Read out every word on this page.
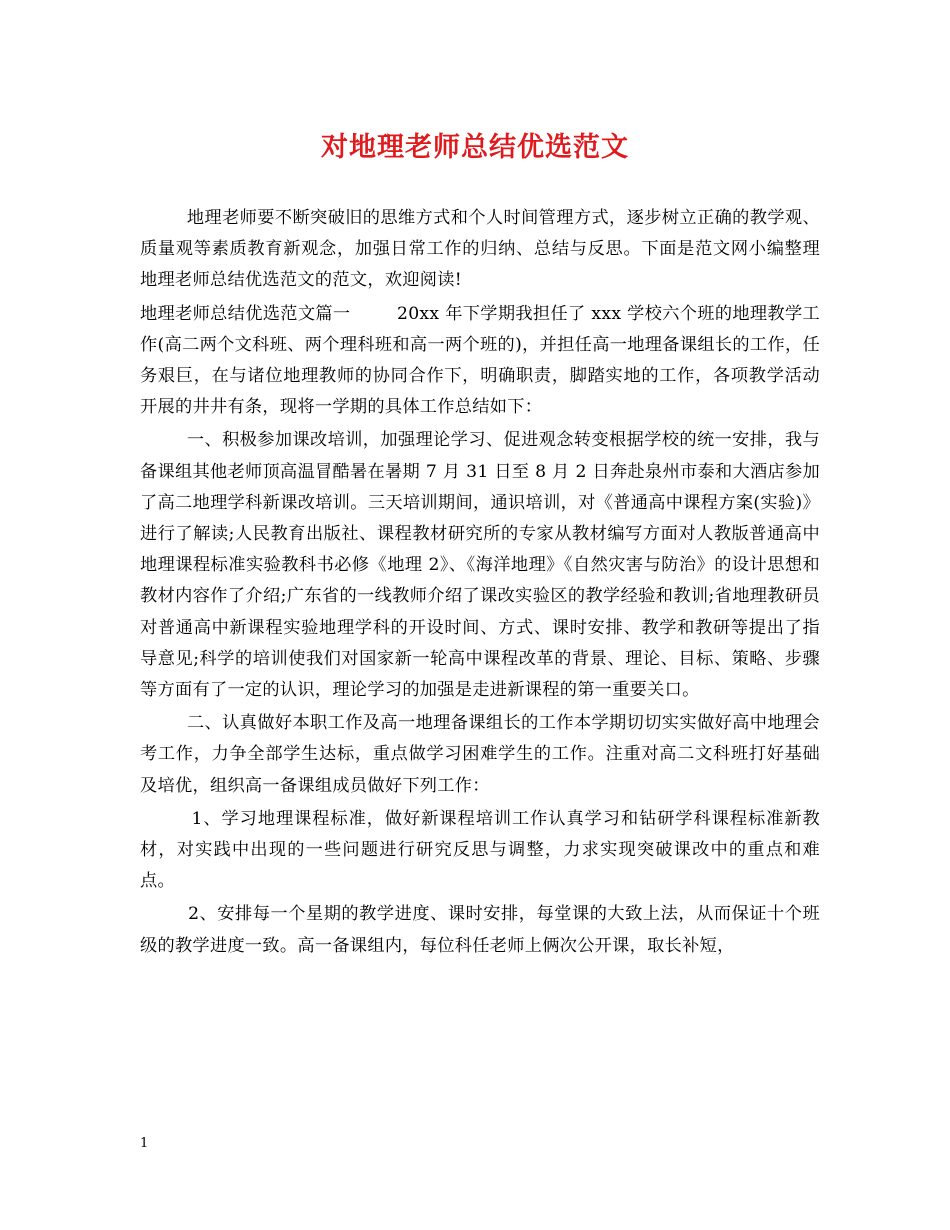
对地理老师总结优选范文

地理老师要不断突破旧的思维方式和个人时间管理方式，逐步树立正确的教学观、质量观等素质教育新观念，加强日常工作的归纳、总结与反思。下面是范文网小编整理地理老师总结优选范文的范文，欢迎阅读!

地理老师总结优选范文篇一        20xx 年下学期我担任了 xxx 学校六个班的地理教学工作(高二两个文科班、两个理科班和高一两个班的)，并担任高一地理备课组长的工作，任务艰巨，在与诸位地理教师的协同合作下，明确职责，脚踏实地的工作，各项教学活动开展的井井有条，现将一学期的具体工作总结如下：

一、积极参加课改培训，加强理论学习、促进观念转变根据学校的统一安排，我与备课组其他老师顶高温冒酷暑在暑期 7 月 31 日至 8 月 2 日奔赴泉州市泰和大酒店参加了高二地理学科新课改培训。三天培训期间，通识培训，对《普通高中课程方案(实验)》进行了解读;人民教育出版社、课程教材研究所的专家从教材编写方面对人教版普通高中地理课程标准实验教科书必修《地理 2》、《海洋地理》《自然灾害与防治》的设计思想和教材内容作了介绍;广东省的一线教师介绍了课改实验区的教学经验和教训;省地理教研员对普通高中新课程实验地理学科的开设时间、方式、课时安排、教学和教研等提出了指导意见;科学的培训使我们对国家新一轮高中课程改革的背景、理论、目标、策略、步骤等方面有了一定的认识，理论学习的加强是走进新课程的第一重要关口。

二、认真做好本职工作及高一地理备课组长的工作本学期切切实实做好高中地理会考工作，力争全部学生达标，重点做学习困难学生的工作。注重对高二文科班打好基础及培优，组织高一备课组成员做好下列工作：

1、学习地理课程标准，做好新课程培训工作认真学习和钻研学科课程标准新教材，对实践中出现的一些问题进行研究反思与调整，力求实现突破课改中的重点和难点。

2、安排每一个星期的教学进度、课时安排，每堂课的大致上法，从而保证十个班级的教学进度一致。高一备课组内，每位科任老师上俩次公开课，取长补短，

1
